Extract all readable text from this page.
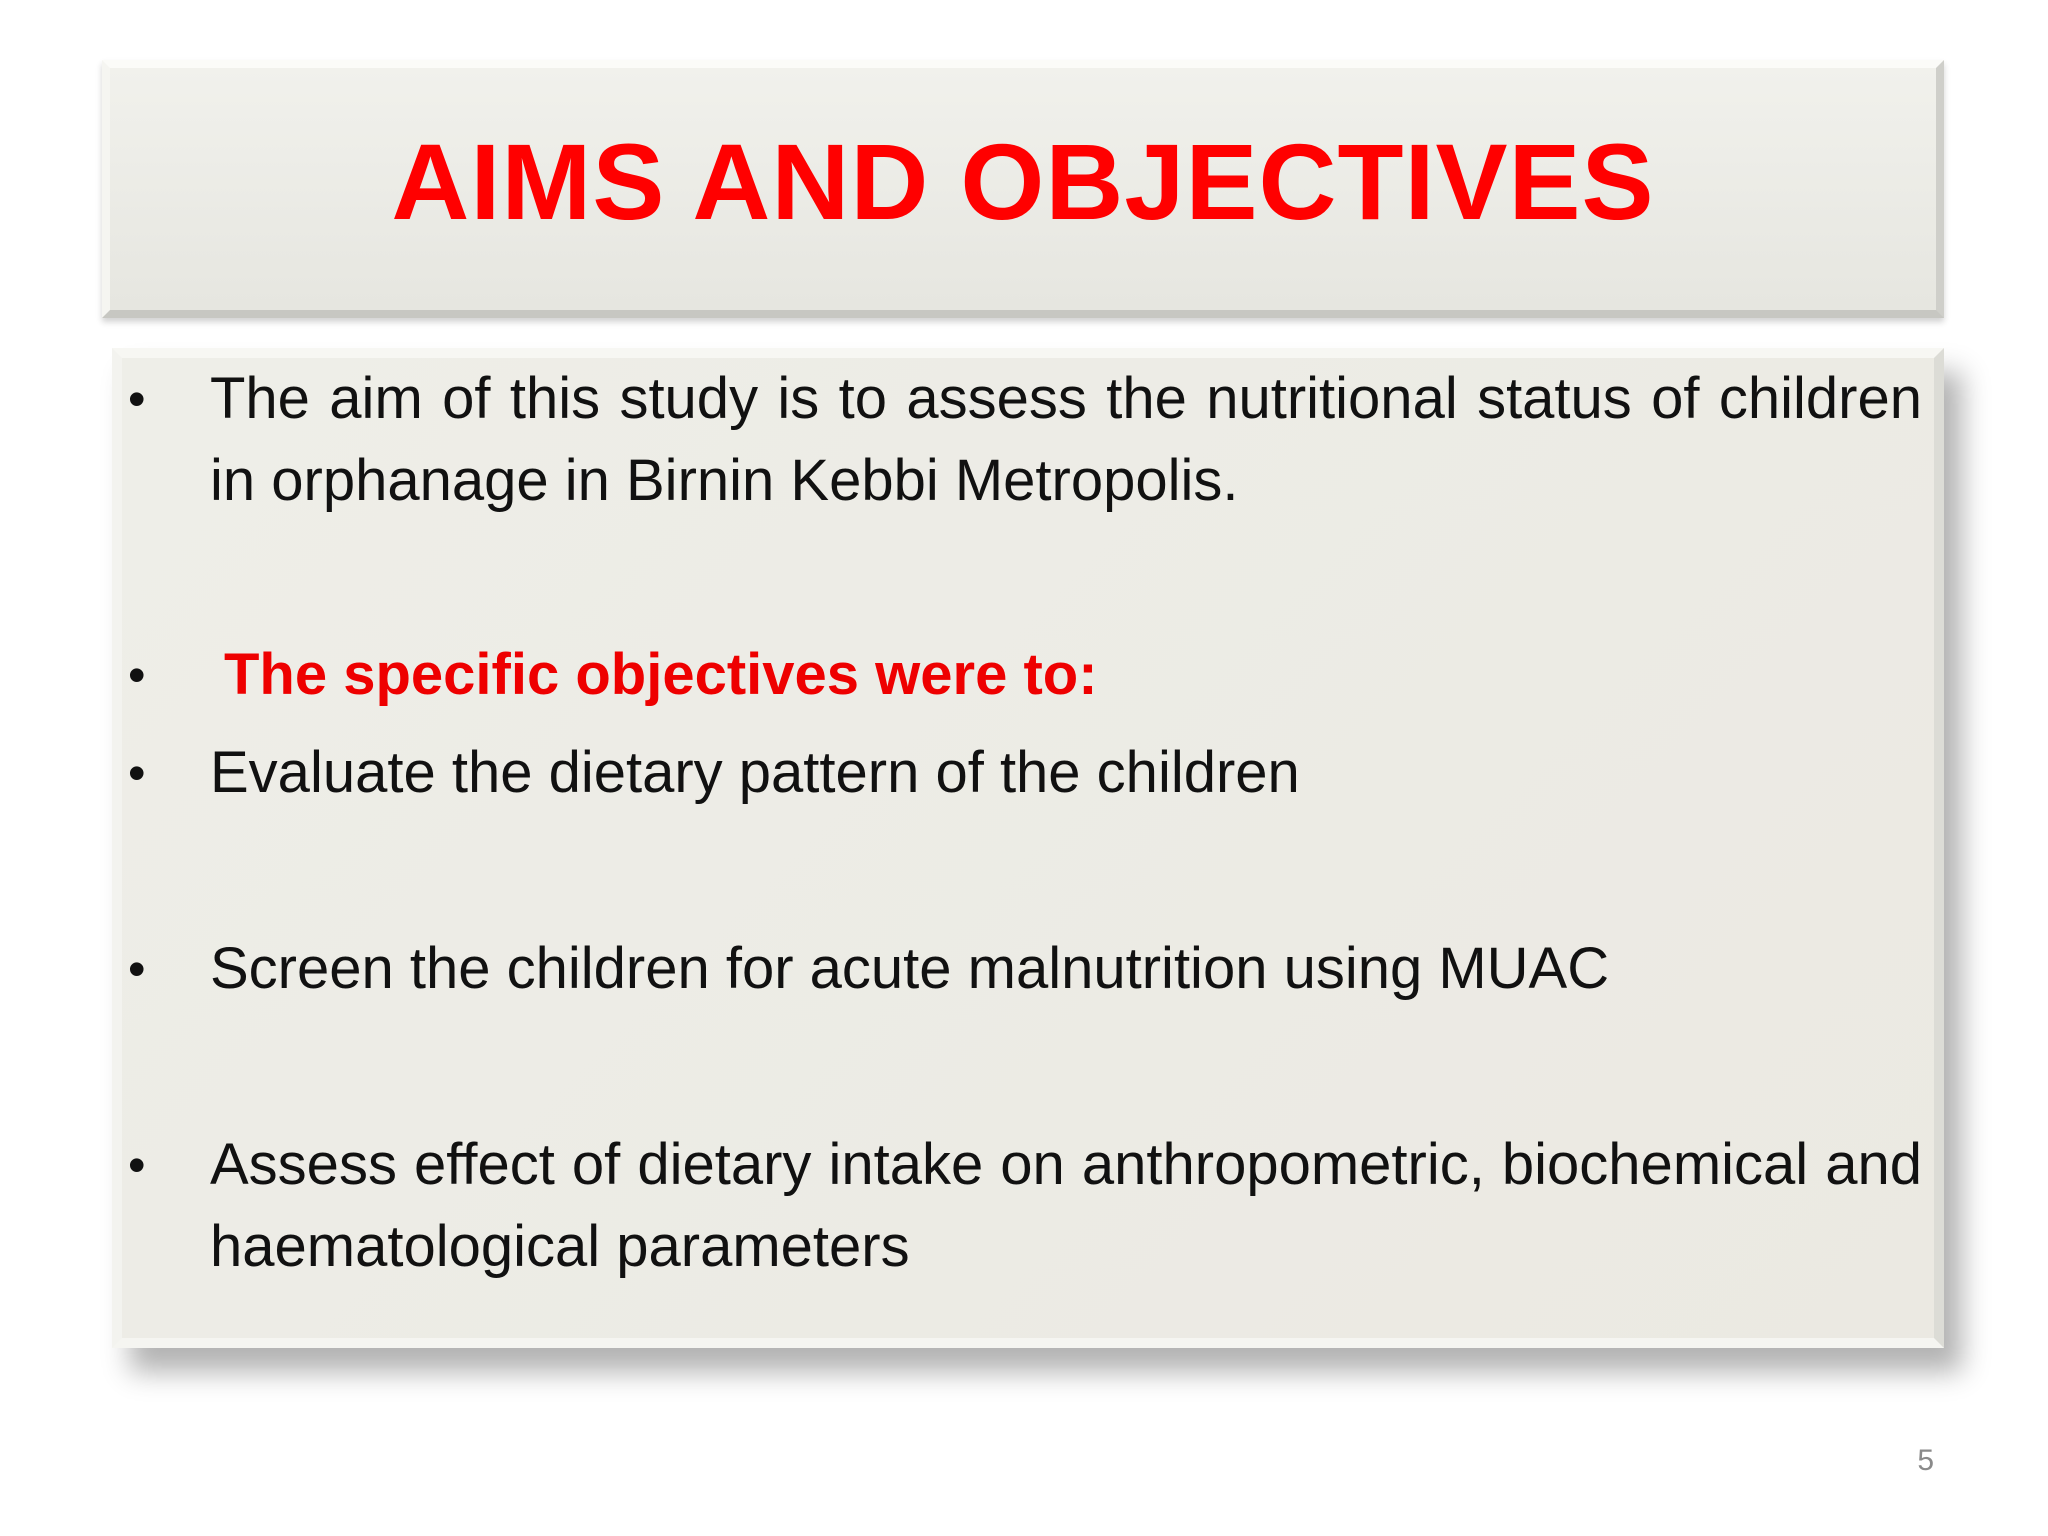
AIMS AND OBJECTIVES
• The aim of this study is to assess the nutritional status of children in orphanage in Birnin Kebbi Metropolis.
• The specific objectives were to:
• Evaluate the dietary pattern of the children
• Screen the children for acute malnutrition using MUAC
• Assess effect of dietary intake on anthropometric, biochemical and haematological parameters
5
